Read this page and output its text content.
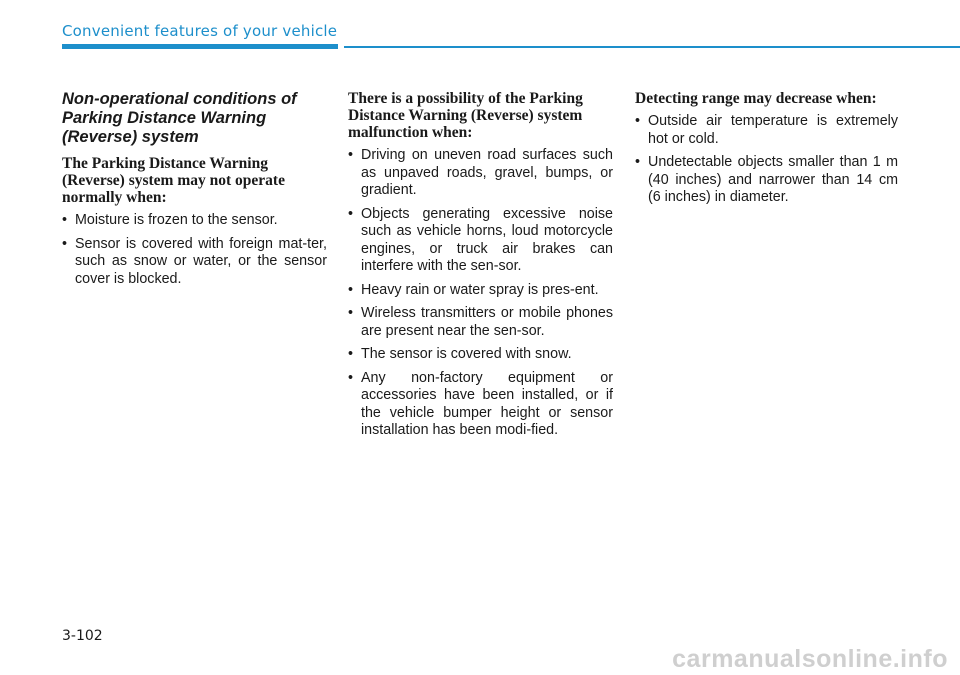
Convenient features of your vehicle
Non-operational conditions of Parking Distance Warning (Reverse) system
The Parking Distance Warning (Reverse) system may not operate normally when:
• Moisture is frozen to the sensor.
• Sensor is covered with foreign mat-ter, such as snow or water, or the sensor cover is blocked.
There is a possibility of the Parking Distance Warning (Reverse) system malfunction when:
• Driving on uneven road surfaces such as unpaved roads, gravel, bumps, or gradient.
• Objects generating excessive noise such as vehicle horns, loud motorcycle engines, or truck air brakes can interfere with the sen-sor.
• Heavy rain or water spray is pres-ent.
• Wireless transmitters or mobile phones are present near the sen-sor.
• The sensor is covered with snow.
• Any non-factory equipment or accessories have been installed, or if the vehicle bumper height or sensor installation has been modi-fied.
Detecting range may decrease when:
• Outside air temperature is extremely hot or cold.
• Undetectable objects smaller than 1 m (40 inches) and narrower than 14 cm (6 inches) in diameter.
3-102
carmanualsonline.info
